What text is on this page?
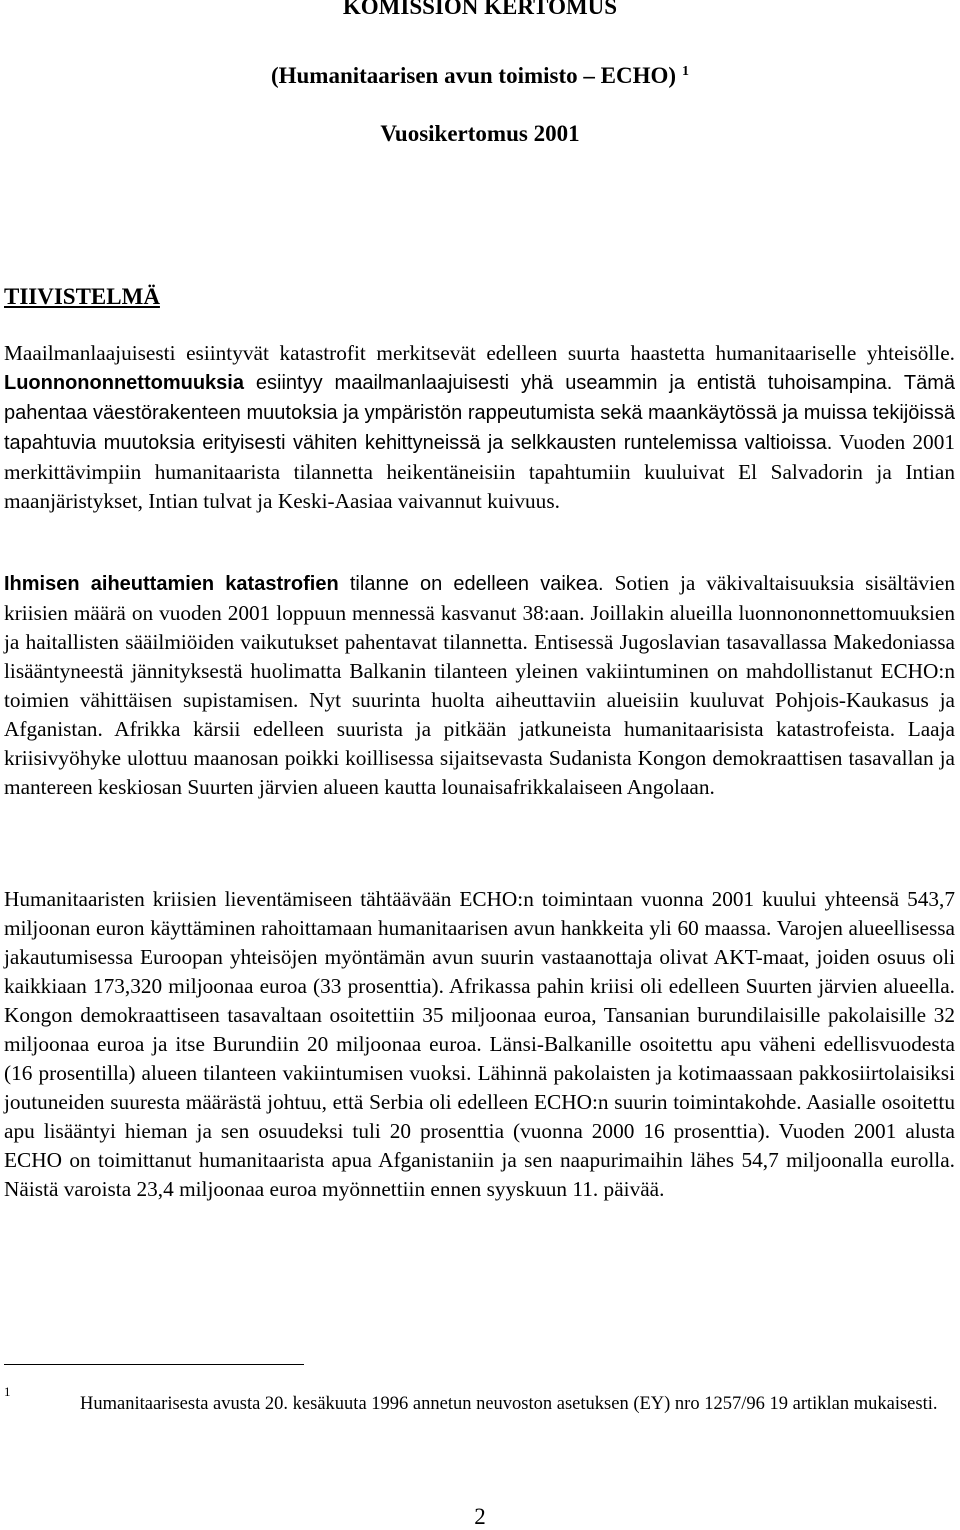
KOMISSION KERTOMUS

(Humanitaarisen avun toimisto – ECHO) $^1$

Vuosikertomus 2001

TIIVISTELMÄ

Maailmanlaajuisesti esiintyvät katastrofit merkitsevät edelleen suurta haastetta humanitaariselle yhteisölle. Luonnononnettomuuksia esiintyy maailmanlaajuisesti yhä useammin ja entistä tuhoisampina. Tämä pahentaa väestörakenteen muutoksia ja ympäristön rappeutumista sekä maankäytössä ja muissa tekijöissä tapahtuvia muutoksia erityisesti vähiten kehittyneissä ja selkkausten runtelemissa valtioissa. Vuoden 2001 merkittävimpiin humanitaarista tilannetta heikentäneisiin tapahtumiin kuuluivat El Salvadorin ja Intian maanjäristykset, Intian tulvat ja Keski-Aasiaa vaivannut kuivuus.

Ihmisen aiheuttamien katastrofien tilanne on edelleen vaikea. Sotien ja väkivaltaisuuksia sisältävien kriisien määrä on vuoden 2001 loppuun mennessä kasvanut 38:aan. Joillakin alueilla luonnononnettomuuksien ja haitallisten sääilmiöiden vaikutukset pahentavat tilannetta. Entisessä Jugoslavian tasavallassa Makedoniassa lisääntyneestä jännityksestä huolimatta Balkanin tilanteen yleinen vakiintuminen on mahdollistanut ECHO:n toimien vähittäisen supistamisen. Nyt suurinta huolta aiheuttaviin alueisiin kuuluvat Pohjois-Kaukasus ja Afganistan. Afrikka kärsii edelleen suurista ja pitkään jatkuneista humanitaarisista katastrofeista. Laaja kriisivyöhyke ulottuu maanosan poikki koillisessa sijaitsevasta Sudanista Kongon demokraattisen tasavallan ja mantereen keskiosan Suurten järvien alueen kautta lounaisafrikkalaiseen Angolaan.

Humanitaaristen kriisien lieventämiseen tähtäävään ECHO:n toimintaan vuonna 2001 kuului yhteensä 543,7 miljoonan euron käyttäminen rahoittamaan humanitaarisen avun hankkeita yli 60 maassa. Varojen alueellisessa jakautumisessa Euroopan yhteisöjen myöntämän avun suurin vastaanottaja olivat AKT-maat, joiden osuus oli kaikkiaan 173,320 miljoonaa euroa (33 prosenttia). Afrikassa pahin kriisi oli edelleen Suurten järvien alueella. Kongon demokraattiseen tasavaltaan osoitettiin 35 miljoonaa euroa, Tansanian burundilaisille pakolaisille 32 miljoonaa euroa ja itse Burundiin 20 miljoonaa euroa. Länsi-Balkanille osoitettu apu väheni edellisvuodesta (16 prosentilla) alueen tilanteen vakiintumisen vuoksi. Lähinnä pakolaisten ja kotimaassaan pakkosiirtolaisiksi joutuneiden suuresta määrästä johtuu, että Serbia oli edelleen ECHO:n suurin toimintakohde. Aasialle osoitettu apu lisääntyi hieman ja sen osuudeksi tuli 20 prosenttia (vuonna 2000 16 prosenttia). Vuoden 2001 alusta ECHO on toimittanut humanitaarista apua Afganistaniin ja sen naapurimaihin lähes 54,7 miljoonalla eurolla. Näistä varoista 23,4 miljoonaa euroa myönnettiin ennen syyskuun 11. päivää.

1

Humanitaarisesta avusta 20. kesäkuuta 1996 annetun neuvoston asetuksen (EY) nro 1257/96 19 artiklan mukaisesti.

2
